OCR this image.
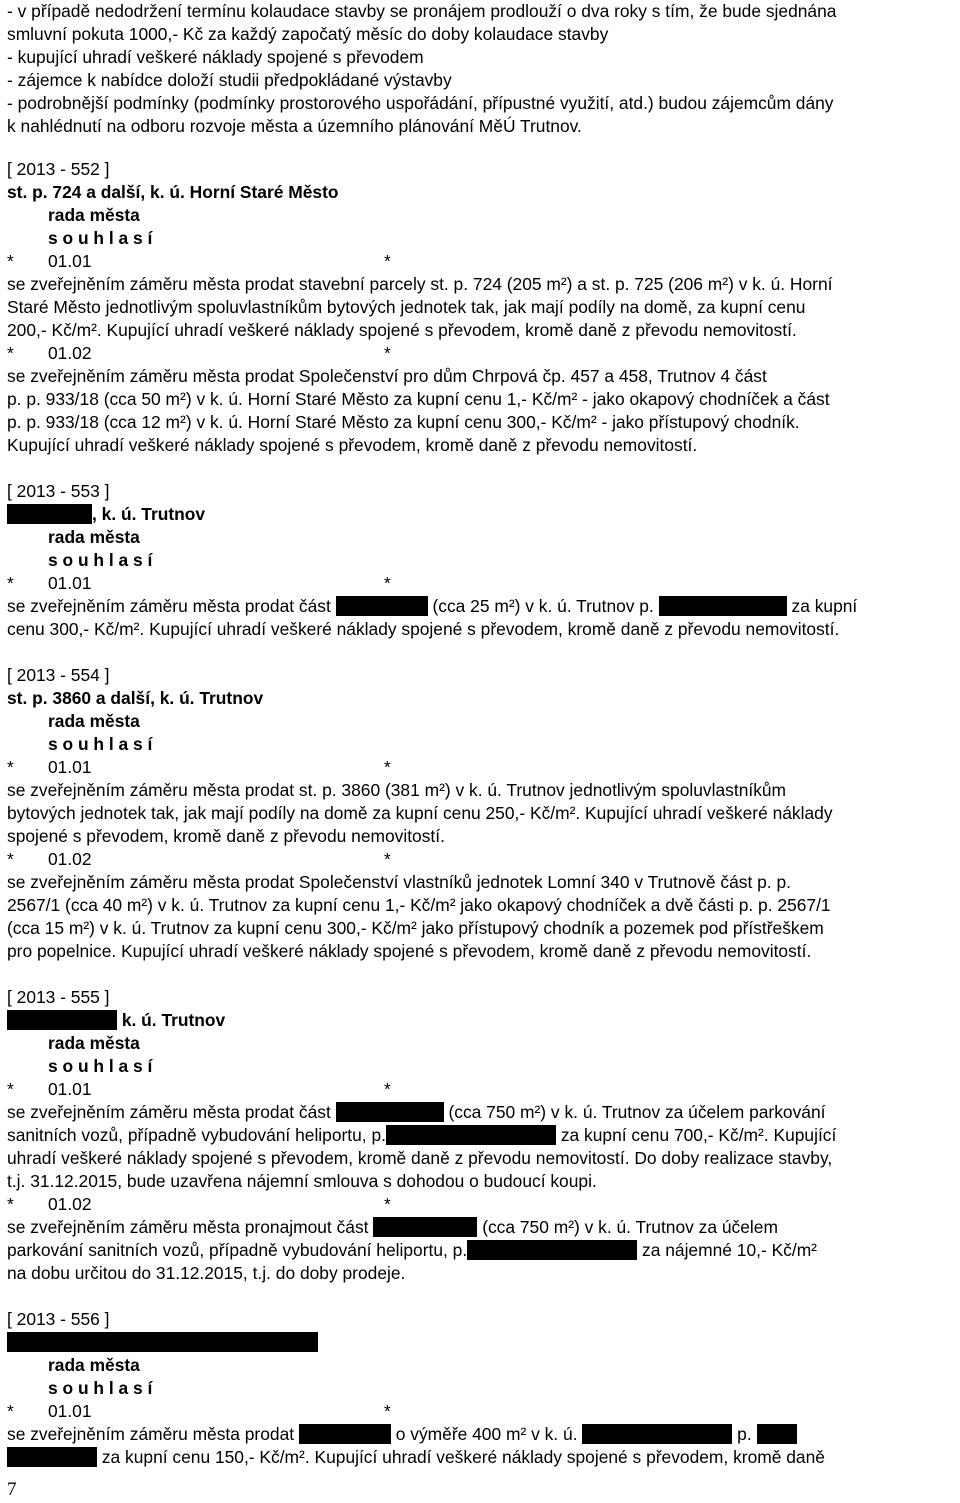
- v případě nedodržení termínu kolaudace stavby se pronájem prodlouží o dva roky s tím, že bude sjednána
smluvní pokuta 1000,- Kč za každý započatý měsíc do doby kolaudace stavby
- kupující uhradí veškeré náklady spojené s převodem
- zájemce k nabídce doloží studii předpokládané výstavby
- podrobnější podmínky (podmínky prostorového uspořádání, přípustné využití, atd.) budou zájemcům dány
k nahlédnutí na odboru rozvoje města a územního plánování MěÚ Trutnov.
[ 2013 - 552 ]
st. p. 724 a další, k. ú. Horní Staré Město
rada města
s o u h l a s í
* 01.01	*
se zveřejněním záměru města prodat stavební parcely st. p. 724 (205 m²) a st. p. 725 (206 m²) v k. ú. Horní
Staré Město jednotlivým spoluvlastníkům bytových jednotek tak, jak mají podíly na domě, za kupní cenu
200,- Kč/m². Kupující uhradí veškeré náklady spojené s převodem, kromě daně z převodu nemovitostí.
* 01.02	*
se zveřejněním záměru města prodat Společenství pro dům Chrpová čp. 457 a 458, Trutnov 4 část
p. p. 933/18 (cca 50 m²) v k. ú. Horní Staré Město za kupní cenu 1,- Kč/m² - jako okapový chodníček a část
p. p. 933/18 (cca 12 m²) v k. ú. Horní Staré Město za kupní cenu 300,- Kč/m² - jako přístupový chodník.
Kupující uhradí veškeré náklady spojené s převodem, kromě daně z převodu nemovitostí.
[ 2013 - 553 ]
, k. ú. Trutnov
rada města
s o u h l a s í
* 01.01	*
se zveřejněním záměru města prodat část	(cca 25 m²) v k. ú. Trutnov p.	za kupní
cenu 300,- Kč/m². Kupující uhradí veškeré náklady spojené s převodem, kromě daně z převodu nemovitostí.
[ 2013 - 554 ]
st. p. 3860 a další, k. ú. Trutnov
rada města
s o u h l a s í
* 01.01	*
se zveřejněním záměru města prodat st. p. 3860 (381 m²) v k. ú. Trutnov jednotlivým spoluvlastníkům
bytových jednotek tak, jak mají podíly na domě za kupní cenu 250,- Kč/m². Kupující uhradí veškeré náklady
spojené s převodem, kromě daně z převodu nemovitostí.
* 01.02	*
se zveřejněním záměru města prodat Společenství vlastníků jednotek Lomní 340 v Trutnově část p. p.
2567/1 (cca 40 m²) v k. ú. Trutnov za kupní cenu 1,- Kč/m² jako okapový chodníček a dvě části p. p. 2567/1
(cca 15 m²) v k. ú. Trutnov za kupní cenu 300,- Kč/m² jako přístupový chodník a pozemek pod přístřeškem
pro popelnice. Kupující uhradí veškeré náklady spojené s převodem, kromě daně z převodu nemovitostí.
[ 2013 - 555 ]
k. ú. Trutnov
rada města
s o u h l a s í
* 01.01	*
se zveřejněním záměru města prodat část	(cca 750 m²) v k. ú. Trutnov za účelem parkování
sanitních vozů, případně vybudování heliportu, p.	za kupní cenu 700,- Kč/m². Kupující
uhradí veškeré náklady spojené s převodem, kromě daně z převodu nemovitostí. Do doby realizace stavby,
t.j. 31.12.2015, bude uzavřena nájemní smlouva s dohodou o budoucí koupi.
* 01.02	*
se zveřejněním záměru města pronajmout část	(cca 750 m²) v k. ú. Trutnov za účelem
parkování sanitních vozů, případně vybudování heliportu, p.	za nájemné 10,- Kč/m²
na dobu určitou do 31.12.2015, t.j. do doby prodeje.
[ 2013 - 556 ]
rada města
s o u h l a s í
* 01.01	*
se zveřejněním záměru města prodat	o výměře 400 m² v k. ú.	p.
za kupní cenu 150,- Kč/m². Kupující uhradí veškeré náklady spojené s převodem, kromě daně
7
